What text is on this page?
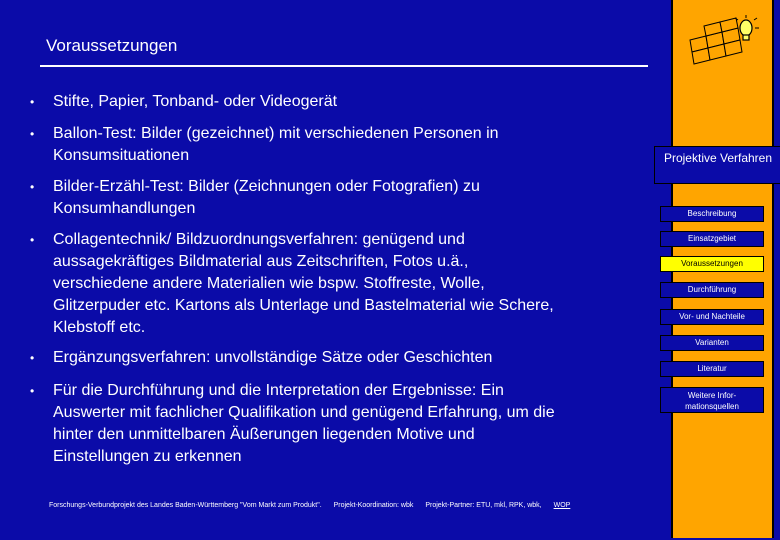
Voraussetzungen
• Stifte, Papier, Tonband- oder Videogerät
• Ballon-Test: Bilder (gezeichnet) mit verschiedenen Personen in
Konsumsituationen
• Bilder-Erzähl-Test: Bilder (Zeichnungen oder Fotografien) zu
Konsumhandlungen
• Collagentechnik/ Bildzuordnungsverfahren: genügend und
aussagekräftiges Bildmaterial aus Zeitschriften, Fotos u.ä.,
verschiedene andere Materialien wie bspw. Stoffreste, Wolle,
Glitzerpuder etc. Kartons als Unterlage und Bastelmaterial wie Schere,
Klebstoff etc.
• Ergänzungsverfahren: unvollständige Sätze oder Geschichten
• Für die Durchführung und die Interpretation der Ergebnisse: Ein
Auswerter mit fachlicher Qualifikation und genügend Erfahrung, um die
hinter den unmittelbaren Äußerungen liegenden Motive und
Einstellungen zu erkennen
Forschungs-Verbundprojekt des Landes Baden-Württemberg "Vom Markt zum Produkt". Projekt-Koordination: wbk Projekt-Partner: ETU, mkl, RPK, wbk, WOP
Projektive Verfahren
Beschreibung
Einsatzgebiet
Voraussetzungen
Durchführung
Vor- und Nachteile
Varianten
Literatur
Weitere Infor-mationsquellen
